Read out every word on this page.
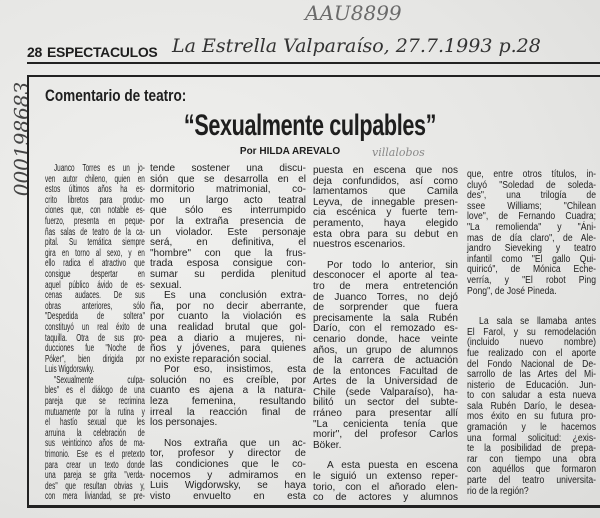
AAU8899
La Estrella Valparaíso, 27.7.1993 p.28
villalobos
000198683
28 ESPECTACULOS
Comentario de teatro:
“Sexualmente culpables”
Por HILDA AREVALO
Juanco Torres es un jo-
ven autor chileno, quien en
estos últimos años ha es-
crito libretos para produc-
ciones que, con notable es-
fuerzo, presenta en peque-
ñas salas de teatro de la ca-
pital. Su temática siempre
gira en torno al sexo, y en
ello radica el atractivo que
consigue despertar en
aquel público ávido de es-
cenas audaces. De sus
obras anteriores, sólo
"Despedida de soltera"
constituyó un real éxito de
taquilla. Otra de sus pro-
ducciones fue "Noche de
Póker", bien dirigida por
Luis Wigdorswky.
"Sexualmente culpa-
bles" es el diálogo de una
pareja que se recrimina
mutuamente por la rutina y
el hastío sexual que les
arruina la celebración de
sus veinticinco años de ma-
trimonio. Ese es el pretexto
para crear un texto donde
una pareja se grita "verda-
des" que resultan obvias y,
con mera liviandad, se pre-
tende sostener una discu-
sión que se desarrolla en el
dormitorio matrimonial, co-
mo un largo acto teatral
que sólo es interrumpido
por la extraña presencia de
un violador. Este personaje
será, en definitiva, el
"hombre" con que la frus-
trada esposa consigue con-
sumar su perdida plenitud
sexual.
Es una conclusión extra-
ña, por no decir aberrante,
por cuanto la violación es
una realidad brutal que gol-
pea a diario a mujeres, ni-
ños y jóvenes, para quienes
no existe reparación social.
Por eso, insistimos, esta
solución no es creíble, por
cuanto es ajena a la natura-
leza femenina, resultando
irreal la reacción final de
los personajes.
Nos extraña que un ac-
tor, profesor y director de
las condiciones que le co-
nocemos y admiramos en
Luis Wigdorwsky, se haya
visto envuelto en esta
puesta en escena que nos
deja confundidos, así como
lamentamos que Camila
Leyva, de innegable presen-
cia escénica y fuerte tem-
peramento, haya elegido
esta obra para su debut en
nuestros escenarios.
Por todo lo anterior, sin
desconocer el aporte al tea-
tro de mera entretención
de Juanco Torres, no dejó
de sorprender que fuera
precisamente la sala Rubén
Darío, con el remozado es-
cenario donde, hace veinte
años, un grupo de alumnos
de la carrera de actuación
de la entonces Facultad de
Artes de la Universidad de
Chile (sede Valparaíso), ha-
bilitó un sector del subte-
rráneo para presentar allí
"La cenicienta tenía que
morir", del profesor Carlos
Böker.
A esta puesta en escena
le siguió un extenso reper-
torio, con el añorado elen-
co de actores y alumnos
que, entre otros títulos, in-
cluyó "Soledad de soleda-
des", una trilogía de
ssee Williams; "Chilean
love", de Fernando Cuadra;
"La remolienda" y "Áni-
mas de día claro", de Ale-
jandro Sieveking y teatro
infantil como "El gallo Qui-
quiricó", de Mónica Eche-
verría, y "El robot Ping
Pong", de José Pineda.
La sala se llamaba antes
El Farol, y su remodelación
(incluido nuevo nombre)
fue realizado con el aporte
del Fondo Nacional de De-
sarrollo de las Artes del Mi-
nisterio de Educación. Jun-
to con saludar a esta nueva
sala Rubén Darío, le desea-
mos éxito en su futura pro-
gramación y le hacemos
una formal solicitud: ¿exis-
te la posibilidad de prepa-
rar con tiempo una obra
con aquéllos que formaron
parte del teatro universita-
rio de la región?
